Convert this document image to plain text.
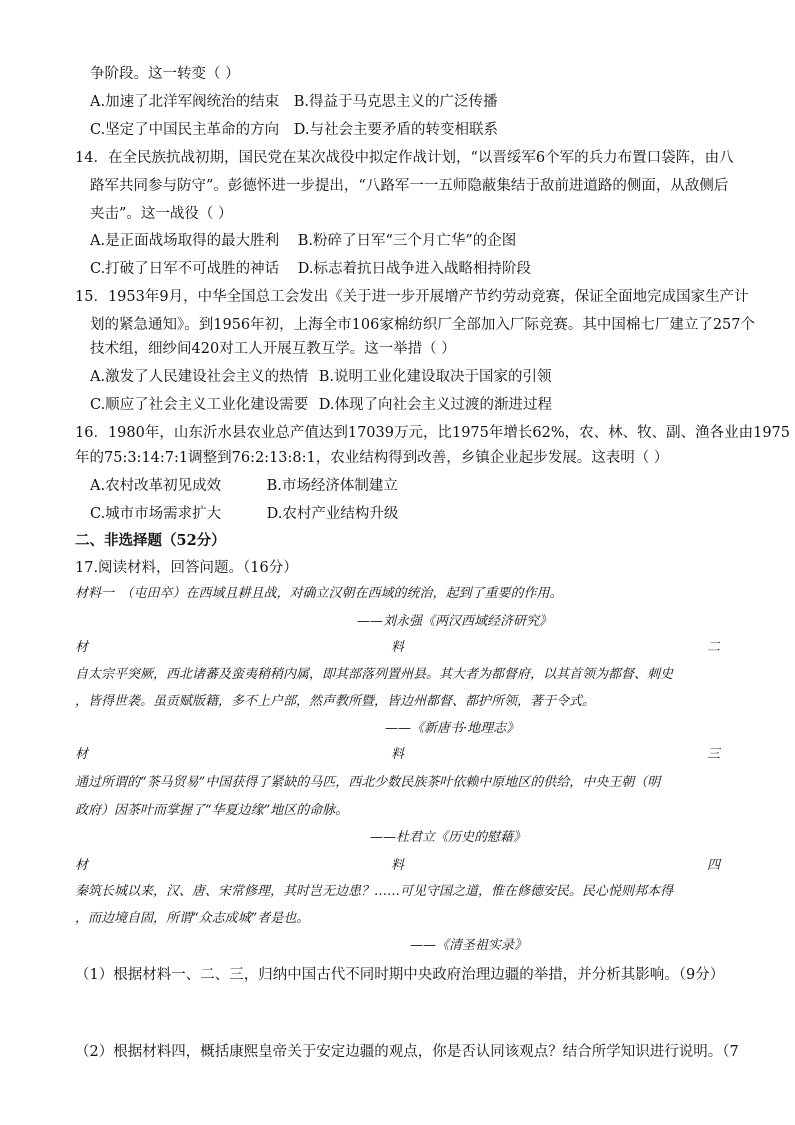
争阶段。这一转变（ ）
A.加速了北洋军阀统治的结束 B.得益于马克思主义的广泛传播
C.坚定了中国民主革命的方向 D.与社会主要矛盾的转变相联系
14．在全民族抗战初期，国民党在某次战役中拟定作战计划，“以晋绥军6个军的兵力布置口袋阵，由八
路军共同参与防守”。彭德怀进一步提出，“八路军一一五师隐蔽集结于敌前进道路的侧面，从敌侧后
夹击”。这一战役（ ）
A.是正面战场取得的最大胜利 B.粉碎了日军“三个月亡华”的企图
C.打破了日军不可战胜的神话 D.标志着抗日战争进入战略相持阶段
15．1953年9月，中华全国总工会发出《关于进一步开展增产节约劳动竞赛，保证全面地完成国家生产计
划的紧急通知》。到1956年初，上海全市106家棉纺织厂全部加入厂际竞赛。其中国棉七厂建立了257个
技术组，细纱间420对工人开展互教互学。这一举措（ ）
A.激发了人民建设社会主义的热情 B.说明工业化建设取决于国家的引领
C.顺应了社会主义工业化建设需要 D.体现了向社会主义过渡的渐进过程
16．1980年，山东沂水县农业总产值达到17039万元，比1975年增长62%，农、林、牧、副、渔各业由1975
年的75:3:14:7:1调整到76:2:13:8:1，农业结构得到改善，乡镇企业起步发展。这表明（ ）
A.农村改革初见成效	B.市场经济体制建立
C.城市市场需求扩大	D.农村产业结构升级
二、非选择题（52分）
17.阅读材料，回答问题。（16分）
材料一　（屯田卒）在西域且耕且战，对确立汉朝在西域的统治，起到了重要的作用。
——刘永强《两汉西域经济研究》
材	料	二
自太宗平突厥，西北诸蕃及蛮夷稍稍内属，即其部落列置州县。其大者为都督府，以其首领为都督、刺史
，皆得世袭。虽贡赋版籍，多不上户部，然声教所暨，皆边州都督、都护所领，著于令式。
——《新唐书·地理志》
材	料	三
通过所谓的“茶马贸易”中国获得了紧缺的马匹，西北少数民族茶叶依赖中原地区的供给，中央王朝（明
政府）因茶叶而掌握了“华夏边缘”地区的命脉。
——杜君立《历史的慰藉》
材	料	四
秦筑长城以来，汉、唐、宋常修理，其时岂无边患？……可见守国之道，惟在修德安民。民心悦则邦本得
，而边境自固，所谓“众志成城”者是也。
——《清圣祖实录》
（1）根据材料一、二、三，归纳中国古代不同时期中央政府治理边疆的举措，并分析其影响。（9分）
（2）根据材料四，概括康熙皇帝关于安定边疆的观点，你是否认同该观点？结合所学知识进行说明。（7
